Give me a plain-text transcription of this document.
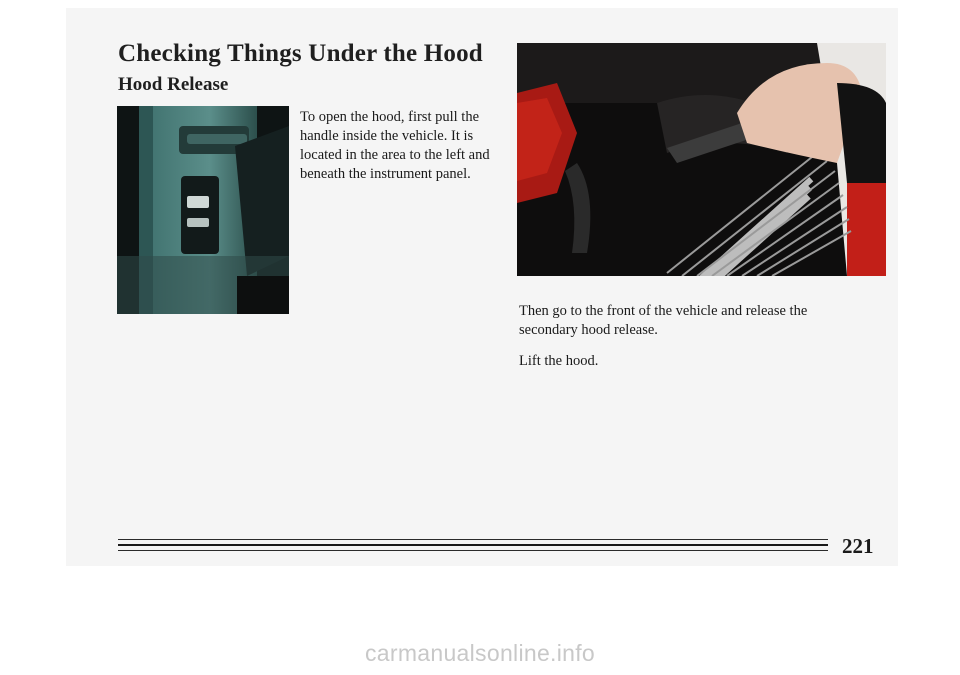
Checking Things Under the Hood
Hood Release

To open the hood, first pull the handle inside the vehicle. It is located in the area to the left and beneath the instrument panel.

Then go to the front of the vehicle and release the secondary hood release.

Lift the hood.

221
carmanualsonline.info
